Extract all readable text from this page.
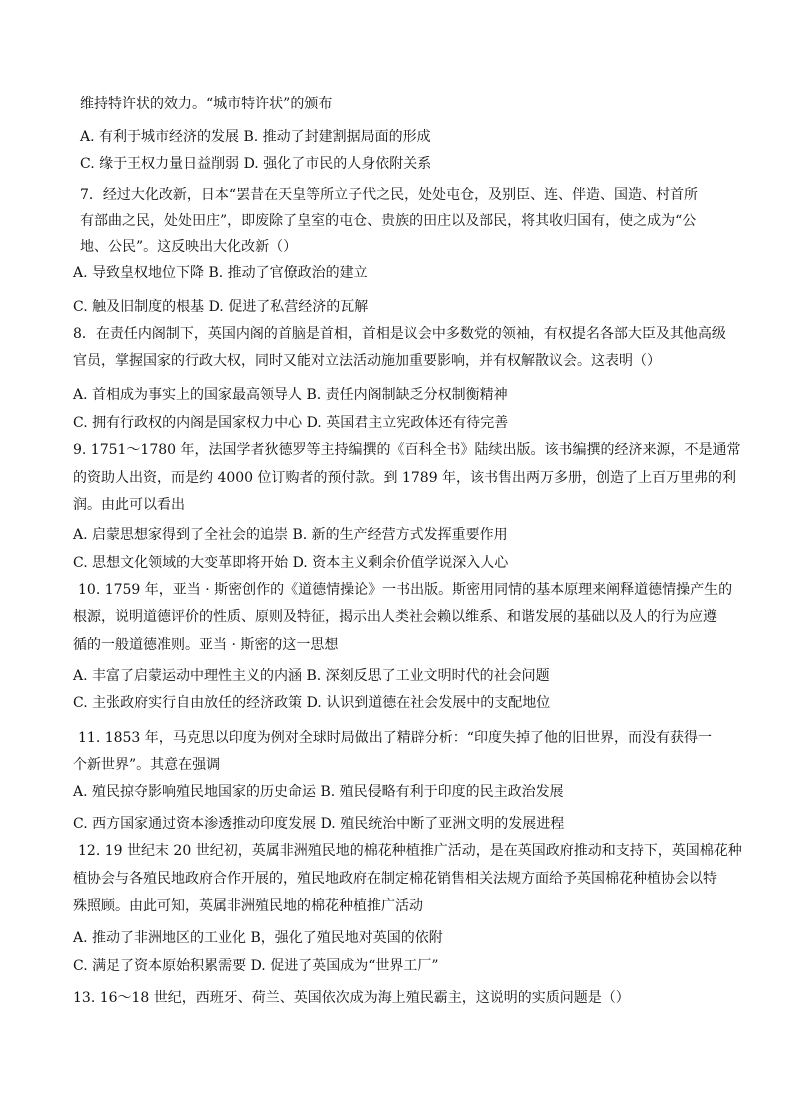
维持特许状的效力。“城市特许状”的颁布
A. 有利于城市经济的发展 B. 推动了封建割据局面的形成
C. 缘于王权力量日益削弱 D. 强化了市民的人身依附关系
7．经过大化改新，日本“罢昔在天皇等所立子代之民，处处屯仓，及别臣、连、伴造、国造、村首所
有部曲之民，处处田庄”，即废除了皇室的屯仓、贵族的田庄以及部民，将其收归国有，使之成为“公
地、公民”。这反映出大化改新（）
A. 导致皇权地位下降 B. 推动了官僚政治的建立
C. 触及旧制度的根基 D. 促进了私营经济的瓦解
8．在责任内阁制下，英国内阁的首脑是首相，首相是议会中多数党的领袖，有权提名各部大臣及其他高级
官员，掌握国家的行政大权，同时又能对立法活动施加重要影响，并有权解散议会。这表明（）
A. 首相成为事实上的国家最高领导人 B. 责任内阁制缺乏分权制衡精神
C. 拥有行政权的内阁是国家权力中心 D. 英国君主立宪政体还有待完善
9. 1751～1780 年，法国学者狄德罗等主持编撰的《百科全书》陆续出版。该书编撰的经济来源，不是通常
的资助人出资，而是约 4000 位订购者的预付款。到 1789 年，该书售出两万多册，创造了上百万里弗的利
润。由此可以看出
A. 启蒙思想家得到了全社会的追崇 B. 新的生产经营方式发挥重要作用
C. 思想文化领域的大变革即将开始 D. 资本主义剩余价值学说深入人心
10. 1759 年，亚当 · 斯密创作的《道德情操论》一书出版。斯密用同情的基本原理来阐释道德情操产生的
根源，说明道德评价的性质、原则及特征，揭示出人类社会赖以维系、和谐发展的基础以及人的行为应遵
循的一般道德准则。亚当 · 斯密的这一思想
A. 丰富了启蒙运动中理性主义的内涵 B. 深刻反思了工业文明时代的社会问题
C. 主张政府实行自由放任的经济政策 D. 认识到道德在社会发展中的支配地位
11. 1853 年，马克思以印度为例对全球时局做出了精辟分析：“印度失掉了他的旧世界，而没有获得一
个新世界”。其意在强调
A. 殖民掠夺影响殖民地国家的历史命运 B. 殖民侵略有利于印度的民主政治发展
C. 西方国家通过资本渗透推动印度发展 D. 殖民统治中断了亚洲文明的发展进程
12. 19 世纪末 20 世纪初，英属非洲殖民地的棉花种植推广活动，是在英国政府推动和支持下，英国棉花种
植协会与各殖民地政府合作开展的，殖民地政府在制定棉花销售相关法规方面给予英国棉花种植协会以特
殊照顾。由此可知，英属非洲殖民地的棉花种植推广活动
A. 推动了非洲地区的工业化 B，强化了殖民地对英国的依附
C. 满足了资本原始积累需要 D. 促进了英国成为“世界工厂”
13. 16～18 世纪，西班牙、荷兰、英国依次成为海上殖民霸主，这说明的实质问题是（）
